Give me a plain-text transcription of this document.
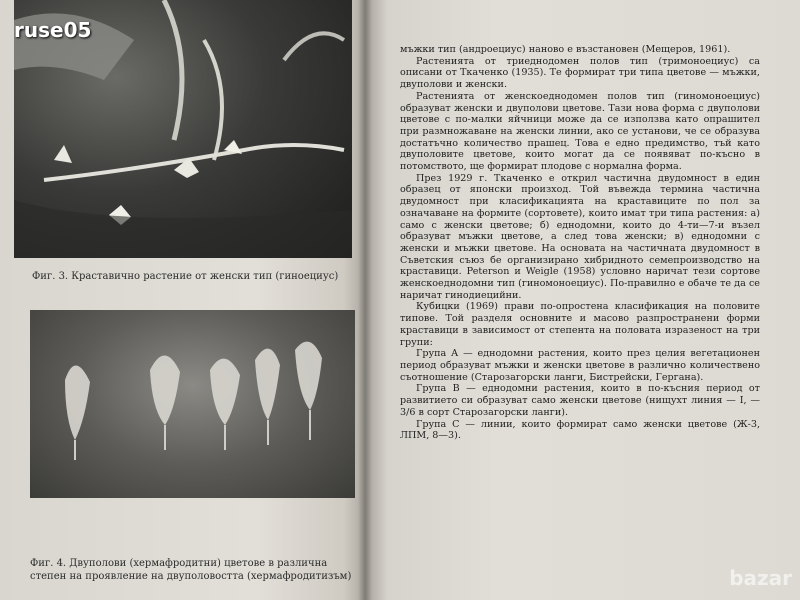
Фиг. 3. Краставично растение от женски тип (гиноециус)
Фиг. 4. Двуполови (хермафродитни) цветове в различна степен на проявление на двуполовостта (хермафродитизъм)
ruse05

мъжки тип (андроециус) наново е възстановен (Мещеров, 1961).

Растенията от триеднодомен полов тип (тримоноециус) са описани от Ткаченко (1935). Те формират три типа цветове — мъжки, двуполови и женски.

Растенията от женскоеднодомен полов тип (гиномоноециус) образуват женски и двуполови цветове. Тази нова форма с двуполови цветове с по-малки яйчници може да се използва като опрашител при размножаване на женски линии, ако се установи, че се образува достатъчно количество прашец. Това е едно предимство, тъй като двуполовите цветове, които могат да се появяват по-късно в потомството, ще формират плодове с нормална форма.

През 1929 г. Ткаченко е открил частична двудомност в един образец от японски произход. Той въвежда термина частична двудомност при класификацията на краставиците по пол за означаване на формите (сортовете), които имат три типа растения: а) само с женски цветове; б) еднодомни, които до 4-ти—7-и възел образуват мъжки цветове, а след това женски; в) еднодомни с женски и мъжки цветове. На основата на частичната двудомност в Съветския съюз бе организирано хибридното семепроизводство на краставици. Peterson и Weigle (1958) условно наричат тези сортове женскоеднодомни тип (гиномоноециус). По-правилно е обаче те да се наричат гинодиецийни.

Кубицки (1969) прави по-опростена класификация на половите типове. Той разделя основните и масово разпространени форми краставици в зависимост от степента на половата изразеност на три групи:

Група А — еднодомни растения, които през целия вегетационен период образуват мъжки и женски цветове в различно количествено съотношение (Старозагорски ланги, Бистрейски, Гергана).

Група В — еднодомни растения, които в по-късния период от развитието си образуват само женски цветове (нищухт линия — I, — 3/6 в сорт Старозагорски ланги).

Група С — линии, които формират само женски цветове (Ж-3, ЛПМ, 8—3).

bazar
